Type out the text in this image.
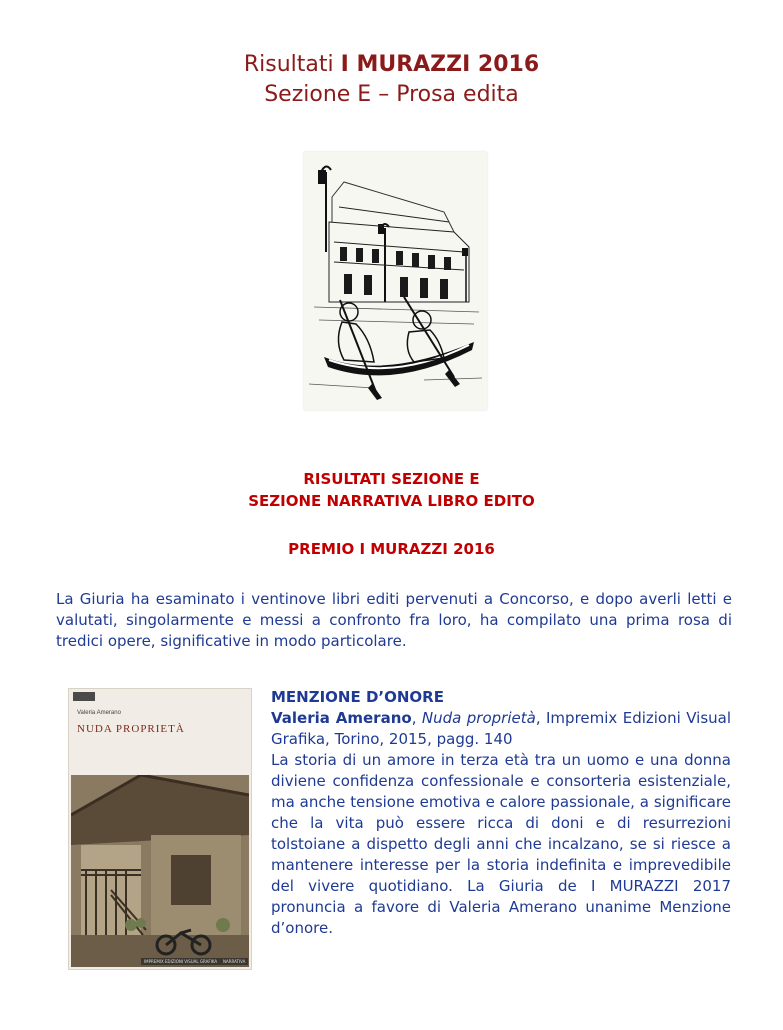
Risultati I MURAZZI 2016
Sezione E – Prosa edita
RISULTATI SEZIONE E
SEZIONE NARRATIVA LIBRO EDITO
PREMIO I MURAZZI 2016
La Giuria ha esaminato i ventinove libri editi pervenuti a Concorso, e dopo averli letti e valutati, singolarmente e messi a confronto fra loro, ha compilato una prima rosa di tredici opere, significative in modo particolare.
Valeria Amerano
NUDA PROPRIETÀ
IMPREMIX EDIZIONI VISUAL GRAFIKA	NARRATIVA
MENZIONE D’ONORE
Valeria Amerano, Nuda proprietà, Impremix Edizioni Visual Grafika, Torino, 2015, pagg. 140
La storia di un amore in terza età tra un uomo e una donna diviene confidenza confessionale e consorteria esistenziale, ma anche tensione emotiva e calore passionale, a significare che la vita può essere ricca di doni e di resurrezioni tolstoiane a dispetto degli anni che incalzano, se si riesce a mantenere interesse per la storia indefinita e imprevedibile del vivere quotidiano. La Giuria de I MURAZZI 2017 pronuncia a favore di Valeria Amerano unanime Menzione d’onore.
